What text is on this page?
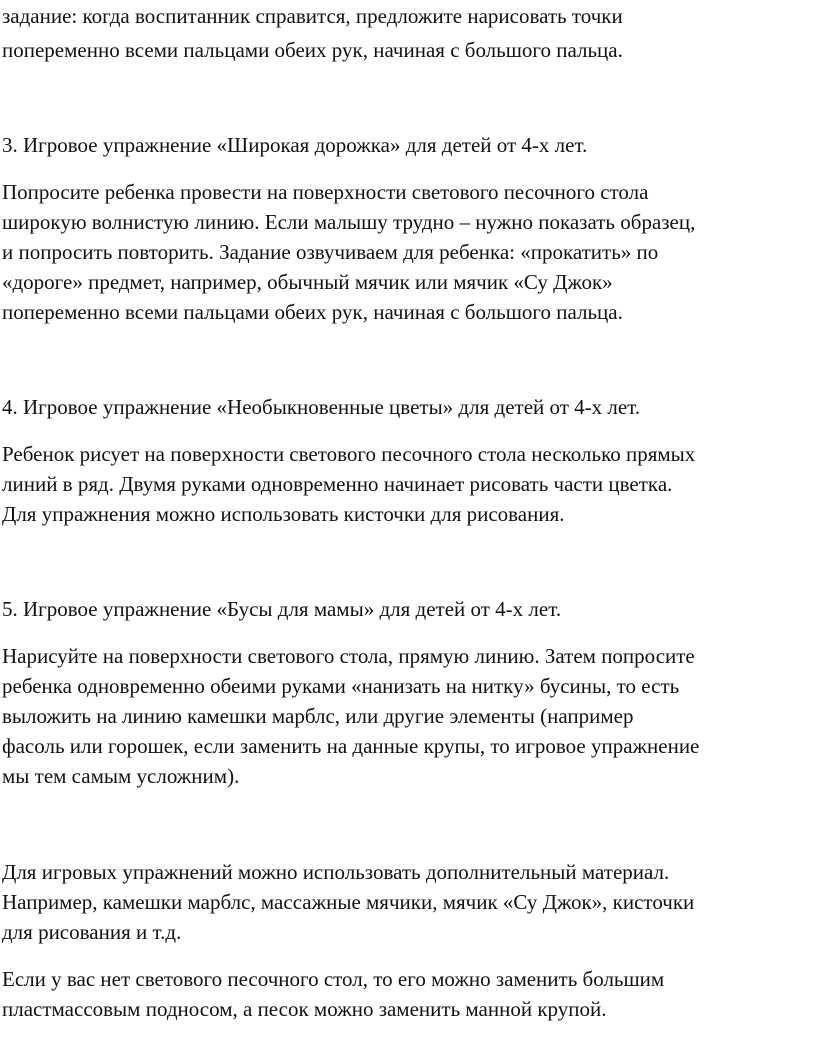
задание: когда воспитанник справится, предложите нарисовать точки
попеременно всеми пальцами обеих рук, начиная с большого пальца.
3. Игровое упражнение «Широкая дорожка» для детей от 4-х лет.
Попросите ребенка провести на поверхности светового песочного стола
широкую волнистую линию. Если малышу трудно – нужно показать образец,
и попросить повторить. Задание озвучиваем для ребенка: «прокатить» по
«дороге» предмет, например, обычный мячик или мячик «Су Джок»
попеременно всеми пальцами обеих рук, начиная с большого пальца.
4. Игровое упражнение «Необыкновенные цветы» для детей от 4-х лет.
Ребенок рисует на поверхности светового песочного стола несколько прямых
линий в ряд. Двумя руками одновременно начинает рисовать части цветка.
Для упражнения можно использовать кисточки для рисования.
5. Игровое упражнение «Бусы для мамы» для детей от 4-х лет.
Нарисуйте на поверхности светового стола, прямую линию. Затем попросите
ребенка одновременно обеими руками «нанизать на нитку» бусины, то есть
выложить на линию камешки марблс, или другие элементы (например
фасоль или горошек, если заменить на данные крупы, то игровое упражнение
мы тем самым усложним).
Для игровых упражнений можно использовать дополнительный материал.
Например, камешки марблс, массажные мячики, мячик «Су Джок», кисточки
для рисования и т.д.
Если у вас нет светового песочного стол, то его можно заменить большим
пластмассовым подносом, а песок можно заменить манной крупой.
